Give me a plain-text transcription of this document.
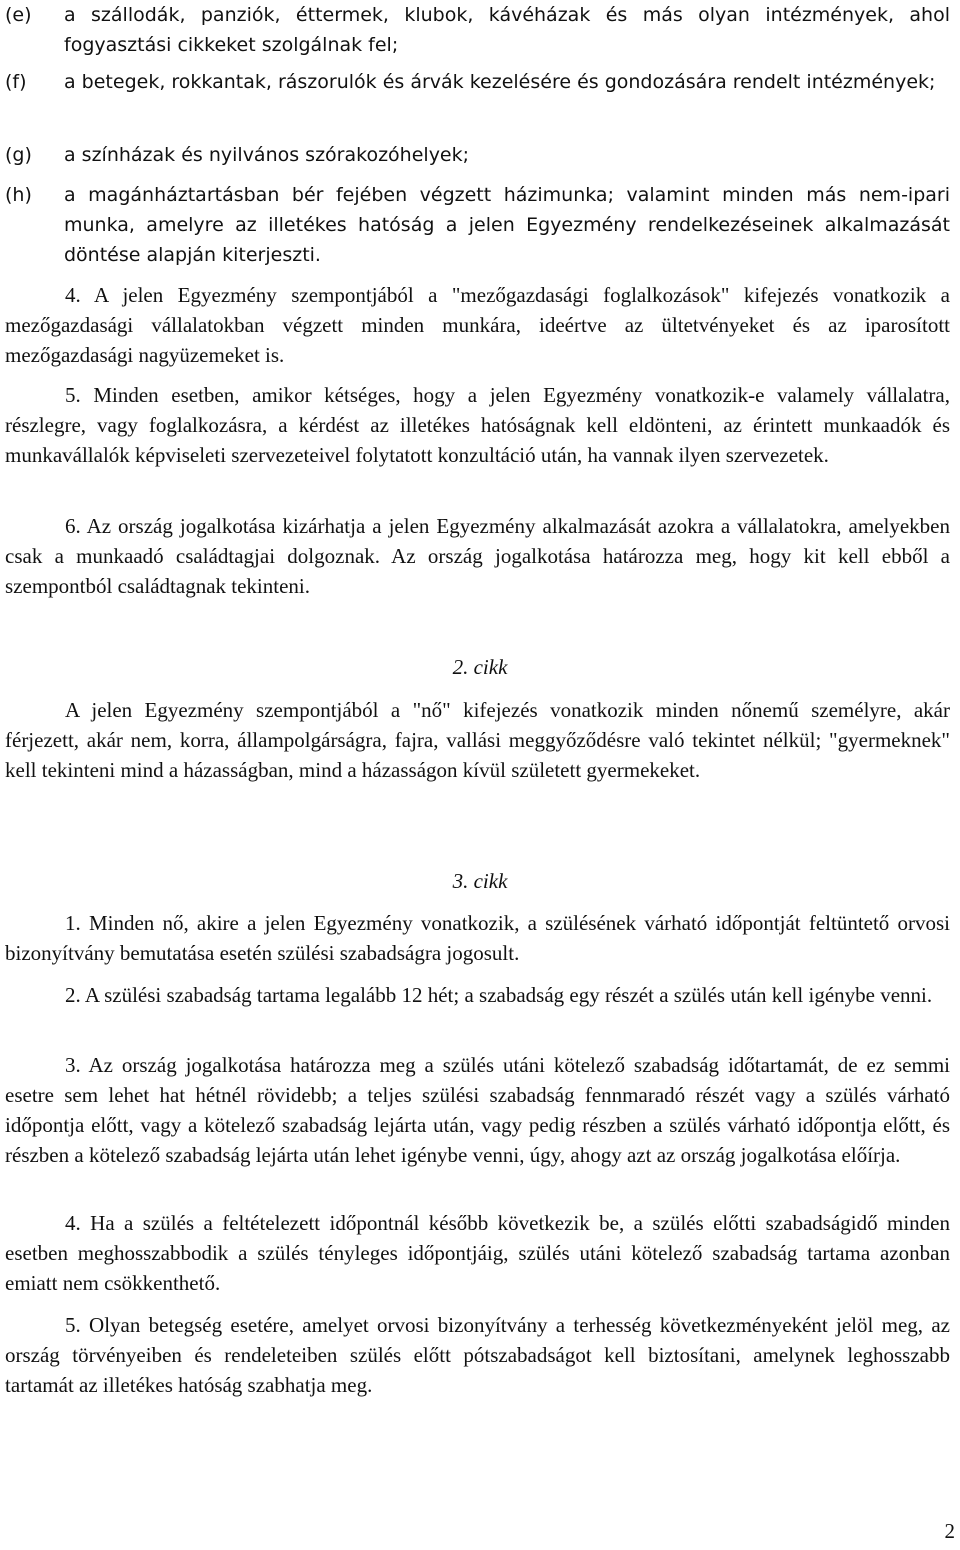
(e) a szállodák, panziók, éttermek, klubok, kávéházak és más olyan intézmények, ahol fogyasztási cikkeket szolgálnak fel;
(f) a betegek, rokkantak, rászorulók és árvák kezelésére és gondozására rendelt intézmények;
(g) a színházak és nyilvános szórakozóhelyek;
(h) a magánháztartásban bér fejében végzett házimunka; valamint minden más nem-ipari munka, amelyre az illetékes hatóság a jelen Egyezmény rendelkezéseinek alkalmazását döntése alapján kiterjeszti.

4. A jelen Egyezmény szempontjából a "mezőgazdasági foglalkozások" kifejezés vonatkozik a mezőgazdasági vállalatokban végzett minden munkára, ideértve az ültetvényeket és az iparosított mezőgazdasági nagyüzemeket is.

5. Minden esetben, amikor kétséges, hogy a jelen Egyezmény vonatkozik-e valamely vállalatra, részlegre, vagy foglalkozásra, a kérdést az illetékes hatóságnak kell eldönteni, az érintett munkaadók és munkavállalók képviseleti szervezeteivel folytatott konzultáció után, ha vannak ilyen szervezetek.

6. Az ország jogalkotása kizárhatja a jelen Egyezmény alkalmazását azokra a vállalatokra, amelyekben csak a munkaadó családtagjai dolgoznak. Az ország jogalkotása határozza meg, hogy kit kell ebből a szempontból családtagnak tekinteni.

2. cikk

A jelen Egyezmény szempontjából a "nő" kifejezés vonatkozik minden nőnemű személyre, akár férjezett, akár nem, korra, állampolgárságra, fajra, vallási meggyőződésre való tekintet nélkül; "gyermeknek" kell tekinteni mind a házasságban, mind a házasságon kívül született gyermekeket.

3. cikk

1. Minden nő, akire a jelen Egyezmény vonatkozik, a szülésének várható időpontját feltüntető orvosi bizonyítvány bemutatása esetén szülési szabadságra jogosult.

2. A szülési szabadság tartama legalább 12 hét; a szabadság egy részét a szülés után kell igénybe venni.

3. Az ország jogalkotása határozza meg a szülés utáni kötelező szabadság időtartamát, de ez semmi esetre sem lehet hat hétnél rövidebb; a teljes szülési szabadság fennmaradó részét vagy a szülés várható időpontja előtt, vagy a kötelező szabadság lejárta után, vagy pedig részben a szülés várható időpontja előtt, és részben a kötelező szabadság lejárta után lehet igénybe venni, úgy, ahogy azt az ország jogalkotása előírja.

4. Ha a szülés a feltételezett időpontnál később következik be, a szülés előtti szabadságidő minden esetben meghosszabbodik a szülés tényleges időpontjáig, szülés utáni kötelező szabadság tartama azonban emiatt nem csökkenthető.

5. Olyan betegség esetére, amelyet orvosi bizonyítvány a terhesség következményeként jelöl meg, az ország törvényeiben és rendeleteiben szülés előtt pótszabadságot kell biztosítani, amelynek leghosszabb tartamát az illetékes hatóság szabhatja meg.

2
